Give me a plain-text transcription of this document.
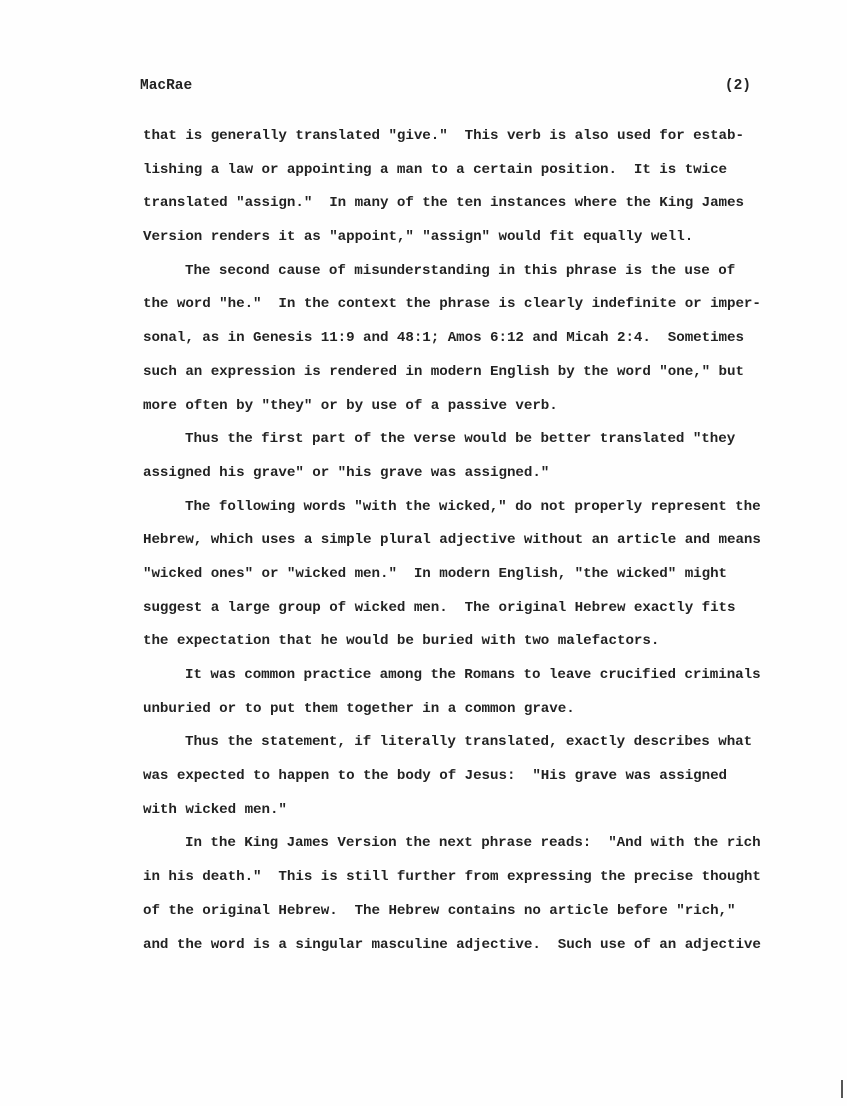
MacRae	(2)
that is generally translated "give."  This verb is also used for estab-
lishing a law or appointing a man to a certain position.  It is twice
translated "assign."  In many of the ten instances where the King James
Version renders it as "appoint," "assign" would fit equally well.
The second cause of misunderstanding in this phrase is the use of
the word "he."  In the context the phrase is clearly indefinite or imper-
sonal, as in Genesis 11:9 and 48:1; Amos 6:12 and Micah 2:4.  Sometimes
such an expression is rendered in modern English by the word "one," but
more often by "they" or by use of a passive verb.
Thus the first part of the verse would be better translated "they
assigned his grave" or "his grave was assigned."
The following words "with the wicked," do not properly represent the
Hebrew, which uses a simple plural adjective without an article and means
"wicked ones" or "wicked men."  In modern English, "the wicked" might
suggest a large group of wicked men.  The original Hebrew exactly fits
the expectation that he would be buried with two malefactors.
It was common practice among the Romans to leave crucified criminals
unburied or to put them together in a common grave.
Thus the statement, if literally translated, exactly describes what
was expected to happen to the body of Jesus:  "His grave was assigned
with wicked men."
In the King James Version the next phrase reads:  "And with the rich
in his death."  This is still further from expressing the precise thought
of the original Hebrew.  The Hebrew contains no article before "rich,"
and the word is a singular masculine adjective.  Such use of an adjective
